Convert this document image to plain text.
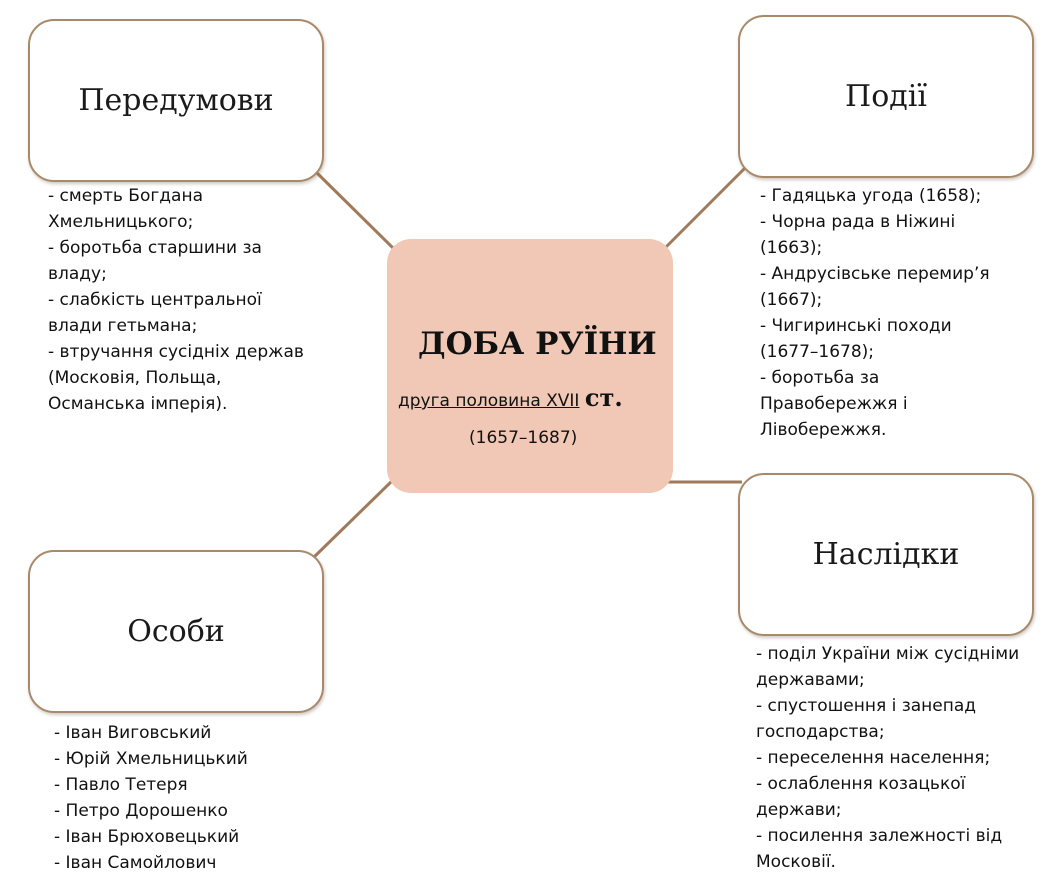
ДОБА РУЇНИ
друга половина XVII ст.
(1657–1687)
Передумови
- смерть Богдана
Хмельницького;
- боротьба старшини за
владу;
- слабкість центральної
влади гетьмана;
- втручання сусідніх держав
(Московія, Польща,
Османська імперія).
Події
- Гадяцька угода (1658);
- Чорна рада в Ніжині
(1663);
- Андрусівське перемир’я
(1667);
- Чигиринські походи
(1677–1678);
- боротьба за
Правобережжя і
Лівобережжя.
Особи
- Іван Виговський
- Юрій Хмельницький
- Павло Тетеря
- Петро Дорошенко
- Іван Брюховецький
- Іван Самойлович
Наслідки
- поділ України між сусідніми
державами;
- спустошення і занепад
господарства;
- переселення населення;
- ослаблення козацької
держави;
- посилення залежності від
Московії.
